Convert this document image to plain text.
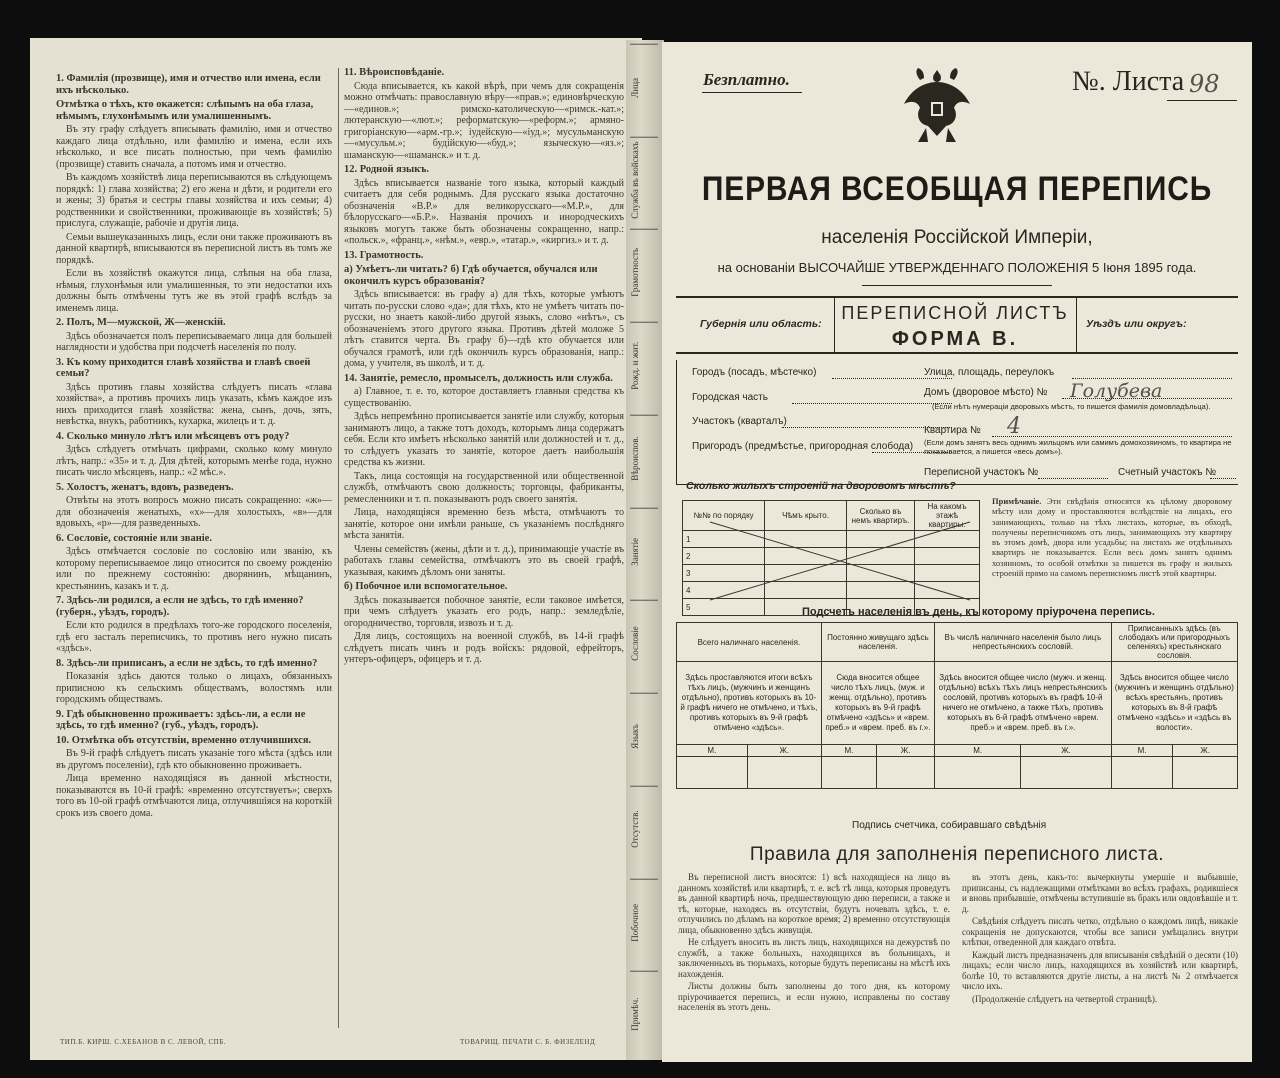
1. Фамилія (прозвище), имя и отчество или имена, если ихъ нѣсколько.
Отмѣтка о тѣхъ, кто окажется: слѣпымъ на оба глаза, нѣмымъ, глухонѣмымъ или умалишеннымъ.

Въ эту графу слѣдуетъ вписывать фамилію, имя и отчество каждаго лица отдѣльно, или фамилію и имена, если ихъ нѣсколько, и все писать полностью, при чемъ фамилію (прозвище) ставить сначала, а потомъ имя и отчество.

Въ каждомъ хозяйствѣ лица переписываются въ слѣдующемъ порядкѣ: 1) глава хозяйства; 2) его жена и дѣти, и родители его и жены; 3) братья и сестры главы хозяйства и ихъ семьи; 4) родственники и свойственники, проживающіе въ хозяйствѣ; 5) прислуга, служащіе, рабочіе и другія лица.

Семьи вышеуказанныхъ лицъ, если они также проживаютъ въ данной квартирѣ, вписываются въ переписной листъ въ томъ же порядкѣ.

Если въ хозяйствѣ окажутся лица, слѣпыя на оба глаза, нѣмыя, глухонѣмыя или умалишенныя, то эти недостатки ихъ должны быть отмѣчены тутъ же въ этой графѣ вслѣдъ за именемъ лица.

2. Полъ, М—мужской, Ж—женскій.

Здѣсь обозначается полъ переписываемаго лица для большей наглядности и удобства при подсчетѣ населенія по полу.

3. Къ кому приходится главѣ хозяйства и главѣ своей семьи?

Здѣсь противъ главы хозяйства слѣдуетъ писать «глава хозяйства», а противъ прочихъ лицъ указать, кѣмъ каждое изъ нихъ приходится главѣ хозяйства: жена, сынъ, дочь, зять, невѣстка, внукъ, работникъ, кухарка, жилецъ и т. д.

4. Сколько минуло лѣтъ или мѣсяцевъ отъ роду?

Здѣсь слѣдуетъ отмѣчать цифрами, сколько кому минуло лѣтъ, напр.: «35» и т. д. Для дѣтей, которымъ менѣе года, нужно писать число мѣсяцевъ, напр.: «2 мѣс.».

5. Холостъ, женатъ, вдовъ, разведенъ.

Отвѣты на этотъ вопросъ можно писать сокращенно: «ж»—для обозначенія женатыхъ, «х»—для холостыхъ, «в»—для вдовыхъ, «р»—для разведенныхъ.

6. Сословіе, состояніе или званіе.

Здѣсь отмѣчается сословіе по сословію или званію, къ которому переписываемое лицо относится по своему рожденію или по прежнему состоянію: дворянинъ, мѣщанинъ, крестьянинъ, казакъ и т. д.

7. Здѣсь-ли родился, а если не здѣсь, то гдѣ именно? (губерн., уѣздъ, городъ).

Если кто родился в предѣлахъ того-же городского поселенія, гдѣ его засталъ переписчикъ, то противъ него нужно писать «здѣсь».

8. Здѣсь-ли приписанъ, а если не здѣсь, то гдѣ именно?

Показанія здѣсь даются только о лицахъ, обязанныхъ приписною къ сельскимъ обществамъ, волостямъ или городскимъ обществамъ.

9. Гдѣ обыкновенно проживаетъ: здѣсь-ли, а если не здѣсь, то гдѣ именно? (губ., уѣздъ, городъ).
10. Отмѣтка объ отсутствіи, временно отлучившихся.

Въ 9-й графѣ слѣдуетъ писать указаніе того мѣста (здѣсь или въ другомъ поселеніи), гдѣ кто обыкновенно проживаетъ.

Лица временно находящіяся въ данной мѣстности, показываются въ 10-й графѣ: «временно отсутствуетъ»; сверхъ того въ 10-ой графѣ отмѣчаются лица, отлучившіяся на короткій срокъ изъ своего дома.

11. Вѣроисповѣданіе.

Сюда вписывается, къ какой вѣрѣ, при чемъ для сокращенія можно отмѣчать: православную вѣру—«прав.»; единовѣрческую—«единов.»; римско-католическую—«римск.-кат.»; лютеранскую—«лют.»; реформатскую—«реформ.»; армяно-григоріанскую—«арм.-гр.»; іудейскую—«іуд.»; мусульманскую—«мусульм.»; будійскую—«буд.»; языческую—«яз.»; шаманскую—«шаманск.» и т. д.

12. Родной языкъ.

Здѣсь вписывается названіе того языка, который каждый считаетъ для себя роднымъ. Для русскаго языка достаточно обозначенія «В.Р.» для великорусскаго—«М.Р.», для бѣлорусскаго—«Б.Р.». Названія прочихъ и инородческихъ языковъ могутъ также быть обозначены сокращенно, напр.: «польск.», «франц.», «нѣм.», «евр.», «татар.», «киргиз.» и т. д.

13. Грамотность.
а) Умѣетъ-ли читать? б) Гдѣ обучается, обучался или окончилъ курсъ образованія?

Здѣсь вписывается: въ графу а) для тѣхъ, которые умѣютъ читать по-русски слово «да»; для тѣхъ, кто не умѣетъ читать по-русски, но знаетъ какой-либо другой языкъ, слово «нѣтъ», съ обозначеніемъ этого другого языка. Противъ дѣтей моложе 5 лѣтъ ставится черта. Въ графу б)—гдѣ кто обучается или обучался грамотѣ, или гдѣ окончилъ курсъ образованія, напр.: дома, у учителя, въ школѣ, и т. д.

14. Занятіе, ремесло, промыселъ, должность или служба.

а) Главное, т. е. то, которое доставляетъ главныя средства къ существованію.

Здѣсь непремѣнно прописывается занятіе или службу, которыя занимаютъ лицо, а также тотъ доходъ, которымъ лица содержатъ себя. Если кто имѣетъ нѣсколько занятій или должностей и т. д., то слѣдуетъ указать то занятіе, которое даетъ наибольшія средства къ жизни.

Такъ, лица состоящія на государственной или общественной службѣ, отмѣчаютъ свою должность; торговцы, фабриканты, ремесленники и т. п. показываютъ родъ своего занятія.

Лица, находящіяся временно безъ мѣста, отмѣчаютъ то занятіе, которое они имѣли раньше, съ указаніемъ послѣдняго мѣста занятія.

Члены семействъ (жены, дѣти и т. д.), принимающіе участіе въ работахъ главы семейства, отмѣчаютъ это въ своей графѣ, указывая, какимъ дѣломъ они заняты.

б) Побочное или вспомогательное.

Здѣсь показывается побочное занятіе, если таковое имѣется, при чемъ слѣдуетъ указать его родъ, напр.: земледѣліе, огородничество, торговля, извозъ и т. д.

Для лицъ, состоящихъ на военной службѣ, въ 14-й графѣ слѣдуетъ писать чинъ и родъ войскъ: рядовой, ефрейторъ, унтеръ-офицеръ, офицеръ и т. д.

ТИП.Б. КИРШ. С.ХЕБАНОВ В С. ЛЕВОЙ, СПБ.	ТОВАРИЩ. ПЕЧАТИ С. Б. ФИЗЕЛЕНД
Лица
Служба въ войскахъ
Грамотность
Рожд. и жит.
Вѣроиспов.
Занятіе
Сословіе
Языкъ
Отсутств.
Побочное
Примѣч.
Безплатно.	№. Листа 98
ПЕРВАЯ ВСЕОБЩАЯ ПЕРЕПИСЬ
населенія Россійской Имперіи,
на основаніи ВЫСОЧАЙШЕ УТВЕРЖДЕННАГО ПОЛОЖЕНІЯ 5 Іюня 1895 года.
Губернія или область:
ПЕРЕПИСНОЙ ЛИСТЪ
ФОРМА В.
Уѣздъ или округъ:
Городъ (посадъ, мѣстечко)
Городская часть
Участокъ (кварталъ)
Пригородъ (предмѣстье, пригородная слобода)
Улица, площадь, переулокъ
Домъ (дворовое мѣсто) № Голубева
(Если нѣтъ нумераціи дворовыхъ мѣстъ, то пишется фамилія домовладѣльца).
Квартира № 4
(Если домъ занятъ весь однимъ жильцомъ или самимъ домохозяиномъ, то квартира не показывается, а пишется «весь домъ»).
Переписной участокъ №	Счетный участокъ №
Сколько жилыхъ строеній на дворовомъ мѣстѣ?
№№ по порядку	Чѣмъ крыто.	Сколько въ немъ квартиръ.	На какомъ этажѣ квартиры.
1			
2			
3			
4			
5			
Примѣчаніе. Эти свѣдѣнія относятся къ цѣлому дворовому мѣсту или дому и проставляются вслѣдствіе на лицахъ, его занимающихъ, только на тѣхъ листахъ, которые, въ обходѣ, получены переписчикомъ отъ лицъ, занимающихъ эту квартиру въ этомъ домѣ, двора или усадьбы; на листахъ же отдѣльныхъ квартиръ не показывается. Если весь домъ занятъ однимъ хозяиномъ, то особой отмѣтки за пишется въ графу и жилыхъ строеній прямо на самомъ переписномъ листѣ этой квартиры.
Подсчетъ населенія въ день, къ которому пріурочена перепись.
Всего наличнаго населенія.		Постоянно живущаго здѣсь населенія.		Въ числѣ наличнаго населенія было лицъ непрестьянскихъ сословій.		Приписанныхъ здѣсь (въ слободахъ или пригородныхъ селеніяхъ) крестьянскаго сословія.	
Здѣсь проставляются итоги всѣхъ тѣхъ лицъ, (мужчинъ и женщинъ отдѣльно), противъ которыхъ въ 10-й графѣ ничего не отмѣчено, и тѣхъ, противъ которыхъ въ 9-й графѣ отмѣчено «здѣсь».		Сюда вносится общее число тѣхъ лицъ, (муж. и женщ. отдѣльно), противъ которыхъ въ 9-й графѣ отмѣчено «здѣсь» и «врем. преб.» и «врем. преб. въ г.».		Здѣсь вносится общее число (мужч. и женщ. отдѣльно) всѣхъ тѣхъ лицъ непрестьянскихъ сословій, противъ которыхъ въ графѣ 10-й ничего не отмѣчено, а также тѣхъ, противъ которыхъ въ 6-й графѣ отмѣчено «врем. преб.» и «врем. преб. въ г.».		Здѣсь вносится общее число (мужчинъ и женщинъ отдѣльно) всѣхъ крестьянъ, противъ которыхъ въ 8-й графѣ отмѣчено «здѣсь» и «здѣсь въ волости».	
М.	Ж.	М.	Ж.	М.	Ж.	М.	Ж.

Подпись счетчика, собиравшаго свѣдѣнія
Правила для заполненія переписного листа.

Въ переписной листъ вносятся: 1) всѣ находящіеся на лицо въ данномъ хозяйствѣ или квартирѣ, т. е. всѣ тѣ лица, которыя проведутъ въ данной квартирѣ ночь, предшествующую дню переписи, а также и тѣ, которые, находясь въ отсутствіи, будутъ ночевать здѣсь, т. е. отлучились по дѣламъ на короткое время; 2) временно отсутствующія лица, обыкновенно здѣсь живущія.

Не слѣдуетъ вносить въ листъ лицъ, находящихся на дежурствѣ по службѣ, а также больныхъ, находящихся въ больницахъ, и заключенныхъ въ тюрьмахъ, которые будутъ переписаны на мѣстѣ ихъ нахожденія.

Листы должны быть заполнены до того дня, къ которому пріурочивается перепись, и если нужно, исправлены по составу населенія въ этотъ день.

въ этотъ день, какъ-то: вычеркнуты умершіе и выбывшіе, приписаны, съ надлежащими отмѣтками во всѣхъ графахъ, родившіеся и вновь прибывшіе, отмѣчены вступившіе въ бракъ или овдовѣвшіе и т. д.

Свѣдѣнія слѣдуетъ писать четко, отдѣльно о каждомъ лицѣ, никакіе сокращенія не допускаются, чтобы все записи умѣщались внутри клѣтки, отведенной для каждаго отвѣта.

Каждый листъ предназначенъ для вписыванія свѣдѣній о десяти (10) лицахъ; если число лицъ, находящихся въ хозяйствѣ или квартирѣ, болѣе 10, то вставляются другіе листы, а на листѣ № 2 отмѣчается число ихъ.

(Продолженіе слѣдуетъ на четвертой страницѣ).
